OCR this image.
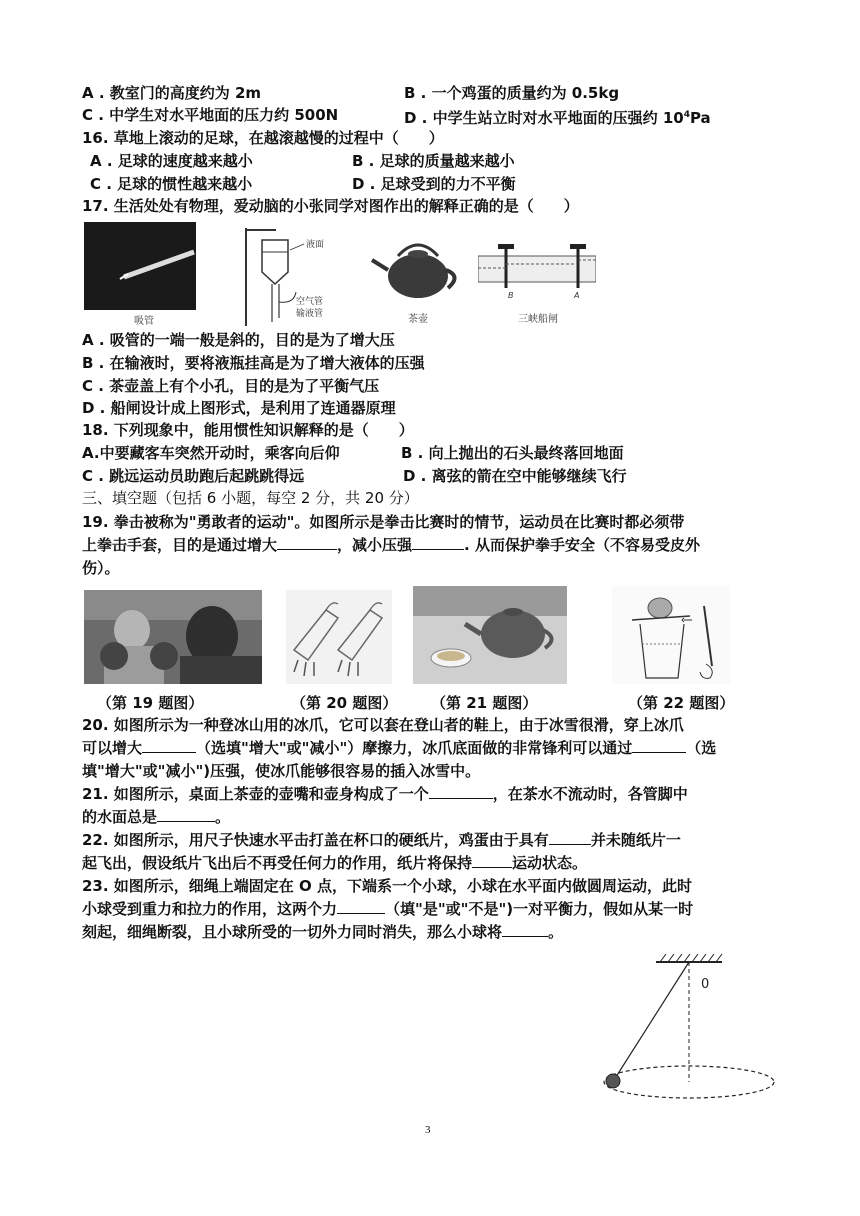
A . 教室门的高度约为 2m	B . 一个鸡蛋的质量约为 0.5kg
C . 中学生对水平地面的压力约 500N	D . 中学生站立时对水平地面的压强约 $10^4Pa$
16. 草地上滚动的足球，在越滚越慢的过程中（　　）
A . 足球的速度越来越小	B . 足球的质量越来越小
C . 足球的惯性越来越小	D . 足球受到的力不平衡
17. 生活处处有物理，爱动脑的小张同学对图作出的解释正确的是（　　）
吸管
液面
空气管
输液管	茶壶
B	A
三峡船闸
A . 吸管的一端一般是斜的，目的是为了增大压
B . 在输液时，要将液瓶挂高是为了增大液体的压强
C . 茶壶盖上有个小孔，目的是为了平衡气压
D . 船闸设计成上图形式，是利用了连通器原理
18. 下列现象中，能用惯性知识解释的是（　　）
A.中要藏客车突然开动时，乘客向后仰	B . 向上抛出的石头最终落回地面
C . 跳远运动员助跑后起跳跳得远	D . 离弦的箭在空中能够继续飞行
三、填空题（包括 6 小题，每空 2 分，共 20 分）
19. 拳击被称为"勇敢者的运动"。如图所示是拳击比赛时的情节，运动员在比赛时都必须带
上拳击手套，目的是通过增大	，减小压强	. 从而保护拳手安全（不容易受皮外
伤）。
（第 19 题图）	（第 20 题图） （第 21 题图）	（第 22 题图）
20. 如图所示为一种登冰山用的冰爪，它可以套在登山者的鞋上，由于冰雪很滑，穿上冰爪
可以增大	（选填"增大"或"减小"）摩擦力，冰爪底面做的非常锋利可以通过	（选
填"增大"或"减小")压强，使冰爪能够很容易的插入冰雪中。
21. 如图所示，桌面上茶壶的壶嘴和壶身构成了一个	，在茶水不流动时，各管脚中
的水面总是	。
22. 如图所示，用尺子快速水平击打盖在杯口的硬纸片，鸡蛋由于具有	并未随纸片一
起飞出，假设纸片飞出后不再受任何力的作用，纸片将保持	运动状态。
23. 如图所示，细绳上端固定在 O 点，下端系一个小球，小球在水平面内做圆周运动，此时
小球受到重力和拉力的作用，这两个力	（填"是"或"不是")一对平衡力，假如从某一时
刻起，细绳断裂，且小球所受的一切外力同时消失，那么小球将	。
0
3
